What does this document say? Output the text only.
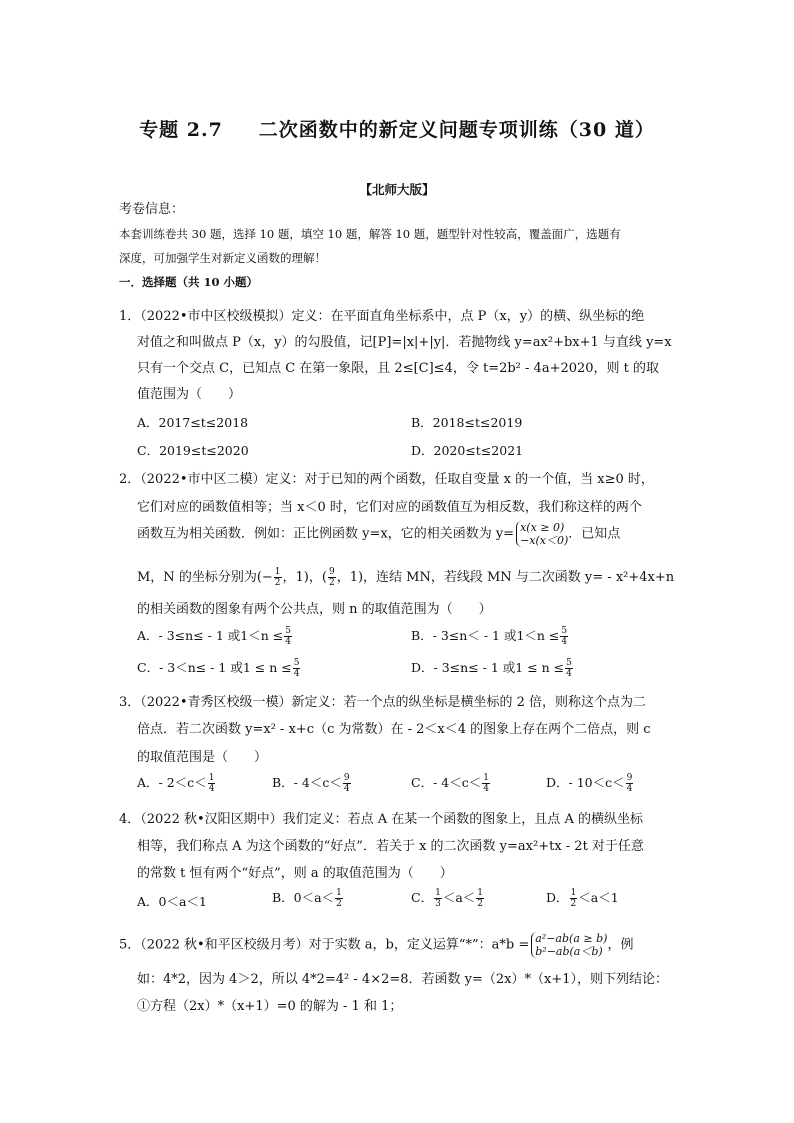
专题 2.7 二次函数中的新定义问题专项训练（30 道）
【北师大版】
考卷信息：
本套训练卷共 30 题，选择 10 题，填空 10 题，解答 10 题，题型针对性较高，覆盖面广，选题有
深度，可加强学生对新定义函数的理解！
一．选择题（共 10 小题）
1．（2022•市中区校级模拟）定义：在平面直角坐标系中，点 P（x，y）的横、纵坐标的绝
对值之和叫做点 P（x，y）的勾股值，记[P]=|x|+|y|．若抛物线 y=ax²+bx+1 与直线 y=x
只有一个交点 C，已知点 C 在第一象限，且 2≤[C]≤4，令 t=2b² - 4a+2020，则 t 的取
值范围为（　　）
A．2017≤t≤2018	B．2018≤t≤2019
C．2019≤t≤2020	D．2020≤t≤2021
2．（2022•市中区二模）定义：对于已知的两个函数，任取自变量 x 的一个值，当 x≥0 时，
它们对应的函数值相等；当 x＜0 时，它们对应的函数值互为相反数，我们称这样的两个
函数互为相关函数．例如：正比例函数 y=x，它的相关函数为 y= x(x ≥ 0)
−x(x＜0) ．已知点
M，N 的坐标分别为(− $\frac{1}{2}$ ，1)，( $\frac{9}{2}$ ，1)，连结 MN，若线段 MN 与二次函数 y= - x²+4x+n
的相关函数的图象有两个公共点，则 n 的取值范围为（　　）
A．- 3≤n≤ - 1 或$1<n \le \frac{5}{4}$	B．- 3≤n＜ - 1 或$1<n \le \frac{5}{4}$
C．- 3＜n≤ - 1 或$1 \le n \le \frac{5}{4}$	D．- 3≤n≤ - 1 或$1 \le n \le \frac{5}{4}$
3．（2022•青秀区校级一模）新定义：若一个点的纵坐标是横坐标的 2 倍，则称这个点为二
倍点．若二次函数 y=x² - x+c（c 为常数）在 - 2＜x＜4 的图象上存在两个二倍点，则 c
的取值范围是（　　）
A．- $2<c< \frac{1}{4}$	B．- $4<c< \frac{9}{4}$	C．- $4<c< \frac{1}{4}$	D．- $10<c< \frac{9}{4}$
4．（2022 秋•汉阳区期中）我们定义：若点 A 在某一个函数的图象上，且点 A 的横纵坐标
相等，我们称点 A 为这个函数的“好点”．若关于 x 的二次函数 y=ax²+tx - 2t 对于任意
的常数 t 恒有两个“好点”，则 a 的取值范围为（　　）
A．0＜a＜1	B．$0<a< \frac{1}{2}$	C． $\frac{1}{3} <a< \frac{1}{2}$	D． $\frac{1}{2} <a<1$
5．（2022 秋•和平区校级月考）对于实数 a，b，定义运算“*”：a*b = a²−ab(a ≥ b)
b²−ab(a＜b) ，例
如：4*2，因为 4＞2，所以 4*2=4² - 4×2=8．若函数 y=（2x）*（x+1），则下列结论：
①方程（2x）*（x+1）=0 的解为 - 1 和 1；
